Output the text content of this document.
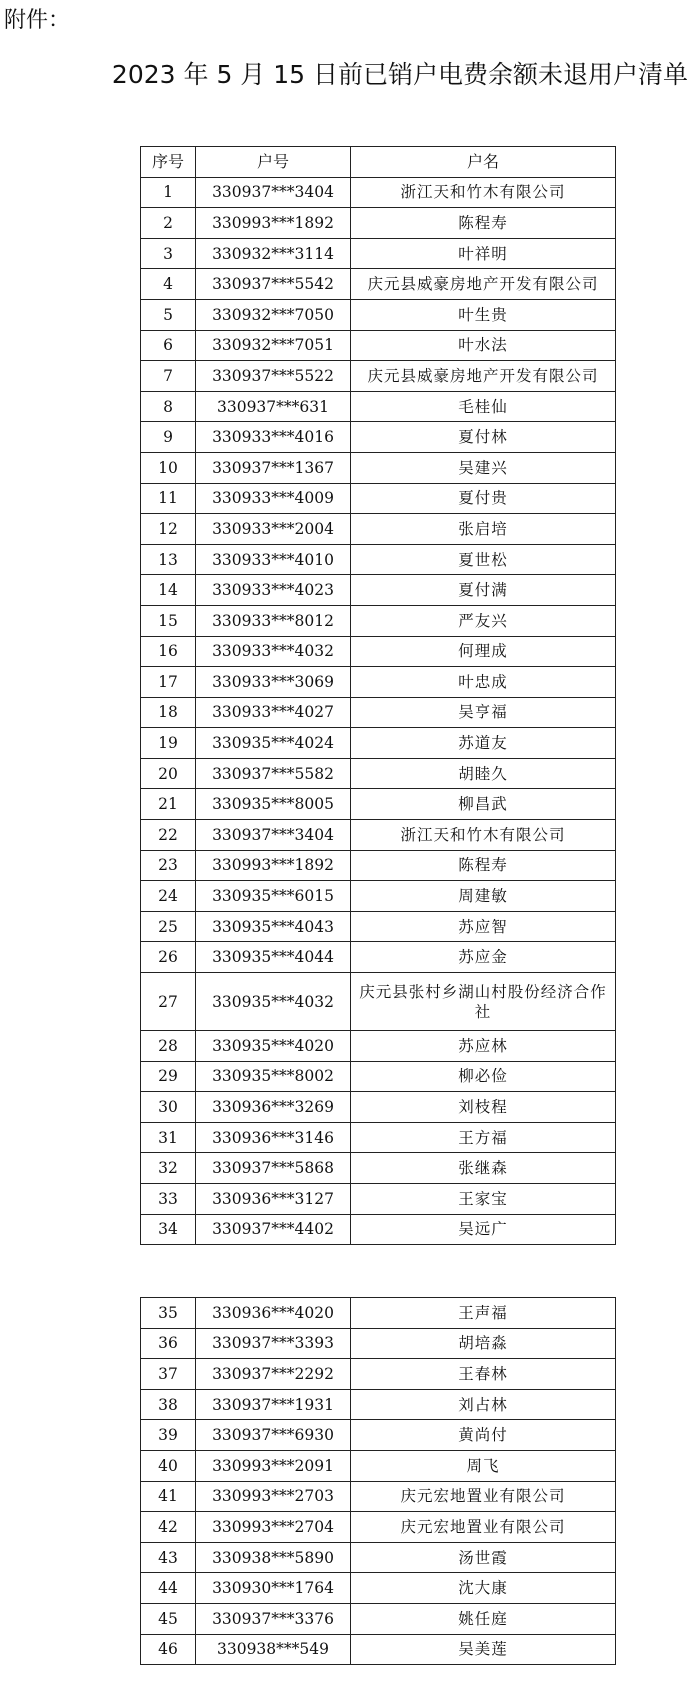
附件：
2023 年 5 月 15 日前已销户电费余额未退用户清单
序号	户号	户名
1	330937***3404	浙江天和竹木有限公司
2	330993***1892	陈程寿
3	330932***3114	叶祥明
4	330937***5542	庆元县威豪房地产开发有限公司
5	330932***7050	叶生贵
6	330932***7051	叶水法
7	330937***5522	庆元县威豪房地产开发有限公司
8	330937***631	毛桂仙
9	330933***4016	夏付林
10	330937***1367	吴建兴
11	330933***4009	夏付贵
12	330933***2004	张启培
13	330933***4010	夏世松
14	330933***4023	夏付满
15	330933***8012	严友兴
16	330933***4032	何理成
17	330933***3069	叶忠成
18	330933***4027	吴亨福
19	330935***4024	苏道友
20	330937***5582	胡睦久
21	330935***8005	柳昌武
22	330937***3404	浙江天和竹木有限公司
23	330993***1892	陈程寿
24	330935***6015	周建敏
25	330935***4043	苏应智
26	330935***4044	苏应金
27	330935***4032	庆元县张村乡湖山村股份经济合作社
28	330935***4020	苏应林
29	330935***8002	柳必俭
30	330936***3269	刘枝程
31	330936***3146	王方福
32	330937***5868	张继森
33	330936***3127	王家宝
34	330937***4402	吴远广
35	330936***4020	王声福
36	330937***3393	胡培淼
37	330937***2292	王春林
38	330937***1931	刘占林
39	330937***6930	黄尚付
40	330993***2091	周飞
41	330993***2703	庆元宏地置业有限公司
42	330993***2704	庆元宏地置业有限公司
43	330938***5890	汤世霞
44	330930***1764	沈大康
45	330937***3376	姚任庭
46	330938***549	吴美莲
